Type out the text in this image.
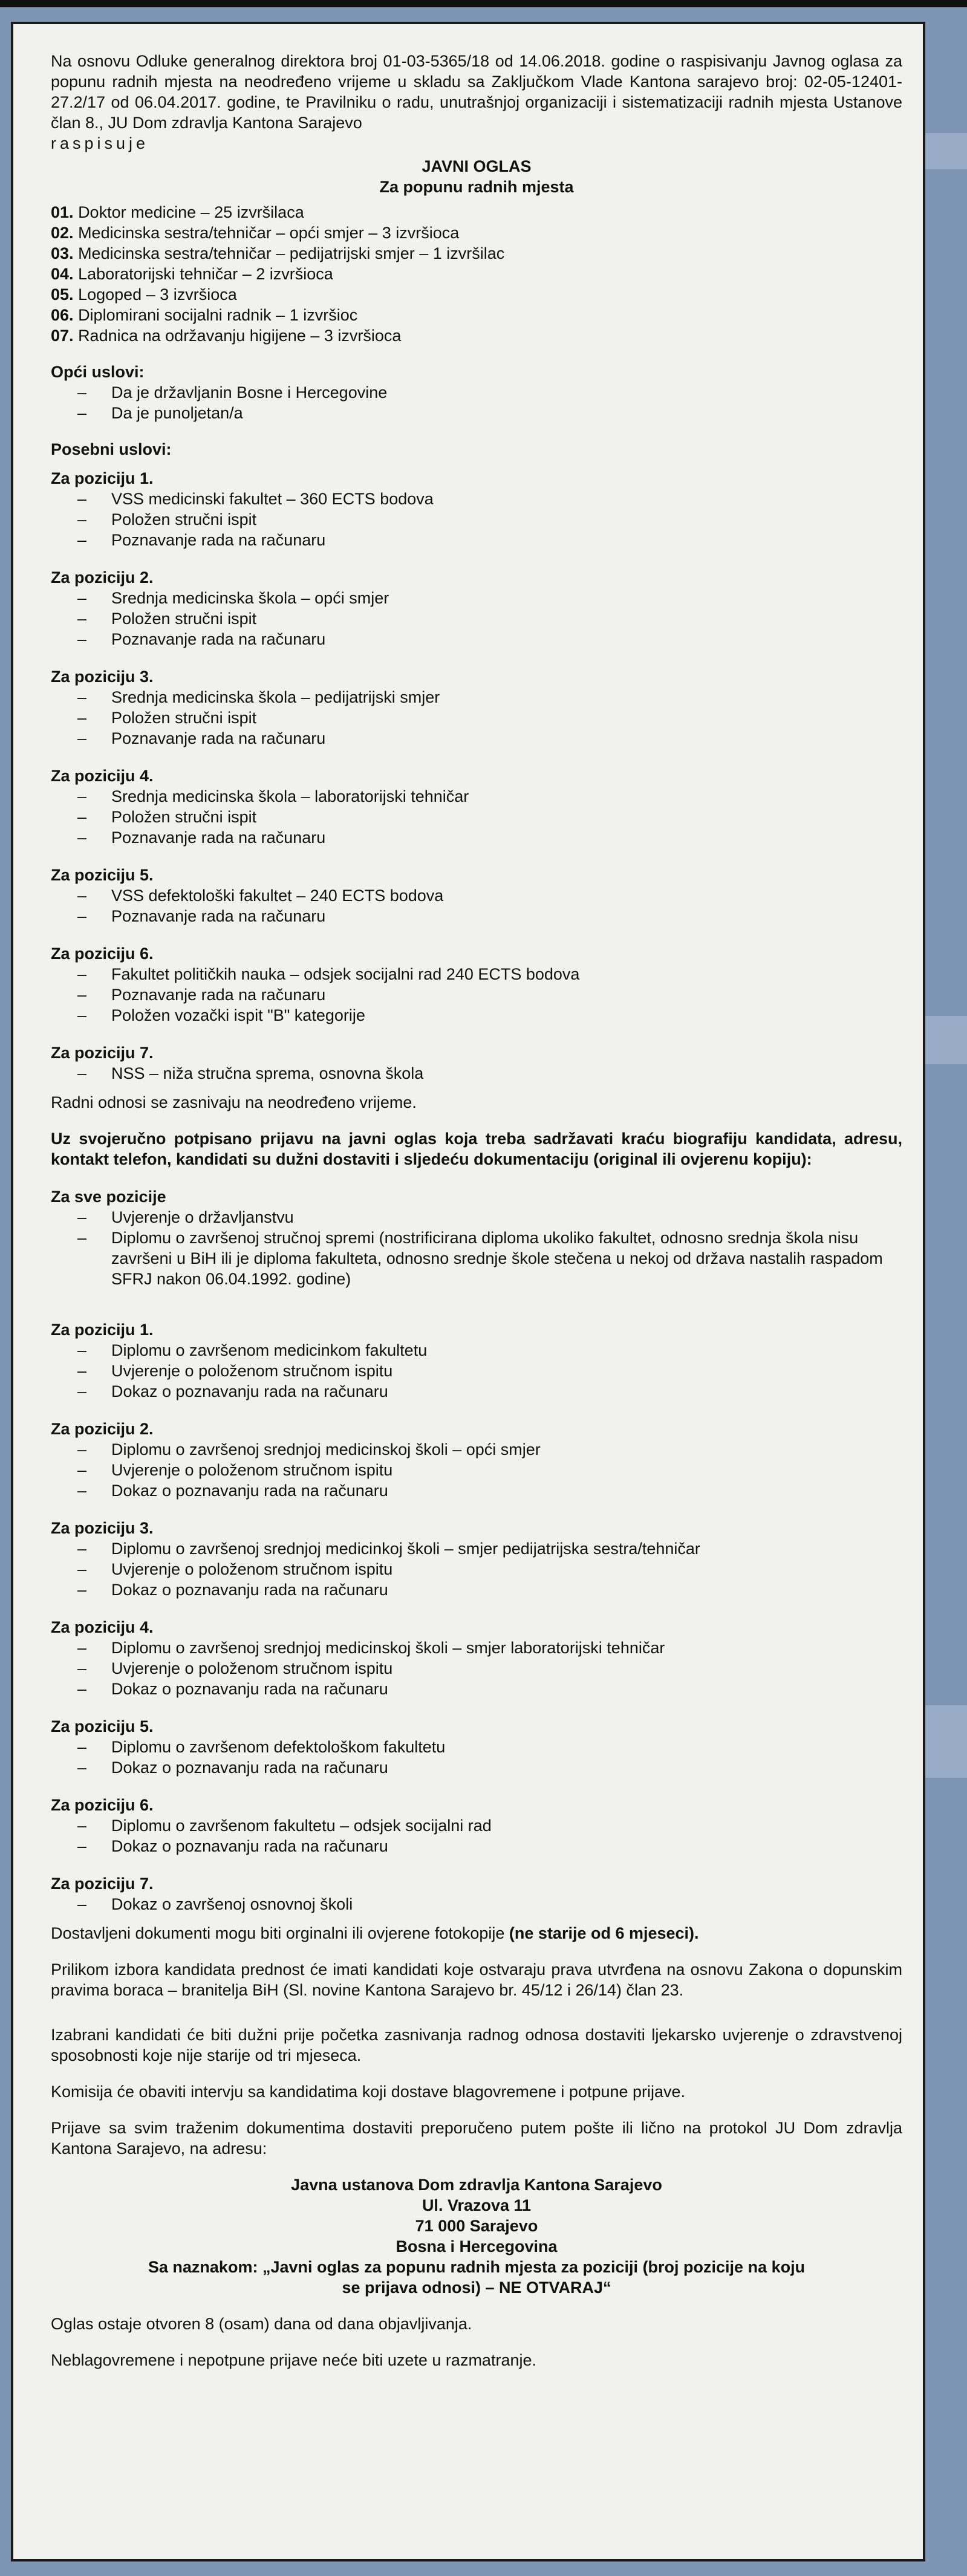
Na osnovu Odluke generalnog direktora broj 01-03-5365/18 od 14.06.2018. godine o raspisivanju Javnog oglasa za popunu radnih mjesta na neodređeno vrijeme u skladu sa Zaključkom Vlade Kantona sarajevo broj: 02-05-12401-27.2/17 od 06.04.2017. godine, te Pravilniku o radu, unutrašnjoj organizaciji i sistematizaciji radnih mjesta Ustanove član 8., JU Dom zdravlja Kantona Sarajevo
raspisuje

JAVNI OGLAS
Za popunu radnih mjesta
01. Doktor medicine – 25 izvršilaca
02. Medicinska sestra/tehničar – opći smjer – 3 izvršioca
03. Medicinska sestra/tehničar – pedijatrijski smjer – 1 izvršilac
04. Laboratorijski tehničar – 2 izvršioca
05. Logoped – 3 izvršioca
06. Diplomirani socijalni radnik – 1 izvršioc
07. Radnica na održavanju higijene – 3 izvršioca
Opći uslovi:
– Da je državljanin Bosne i Hercegovine
– Da je punoljetan/a
Posebni uslovi:
Za poziciju 1.
– VSS medicinski fakultet – 360 ECTS bodova
– Položen stručni ispit
– Poznavanje rada na računaru
Za poziciju 2.
– Srednja medicinska škola – opći smjer
– Položen stručni ispit
– Poznavanje rada na računaru
Za poziciju 3.
– Srednja medicinska škola – pedijatrijski smjer
– Položen stručni ispit
– Poznavanje rada na računaru
Za poziciju 4.
– Srednja medicinska škola – laboratorijski tehničar
– Položen stručni ispit
– Poznavanje rada na računaru
Za poziciju 5.
– VSS defektološki fakultet – 240 ECTS bodova
– Poznavanje rada na računaru
Za poziciju 6.
– Fakultet političkih nauka – odsjek socijalni rad 240 ECTS bodova
– Poznavanje rada na računaru
– Položen vozački ispit "B" kategorije
Za poziciju 7.
– NSS – niža stručna sprema, osnovna škola

Radni odnosi se zasnivaju na neodređeno vrijeme.

Uz svojeručno potpisano prijavu na javni oglas koja treba sadržavati kraću biografiju kandidata, adresu, kontakt telefon, kandidati su dužni dostaviti i sljedeću dokumentaciju (original ili ovjerenu kopiju):

Za sve pozicije
– Uvjerenje o državljanstvu
– Diplomu o završenoj stručnoj spremi (nostrificirana diploma ukoliko fakultet, odnosno srednja škola nisu završeni u BiH ili je diploma fakulteta, odnosno srednje škole stečena u nekoj od država nastalih raspadom SFRJ nakon 06.04.1992. godine)
Za poziciju 1.
– Diplomu o završenom medicinkom fakultetu
– Uvjerenje o položenom stručnom ispitu
– Dokaz o poznavanju rada na računaru
Za poziciju 2.
– Diplomu o završenoj srednjoj medicinskoj školi – opći smjer
– Uvjerenje o položenom stručnom ispitu
– Dokaz o poznavanju rada na računaru
Za poziciju 3.
– Diplomu o završenoj srednjoj medicinkoj školi – smjer pedijatrijska sestra/tehničar
– Uvjerenje o položenom stručnom ispitu
– Dokaz o poznavanju rada na računaru
Za poziciju 4.
– Diplomu o završenoj srednjoj medicinskoj školi – smjer laboratorijski tehničar
– Uvjerenje o položenom stručnom ispitu
– Dokaz o poznavanju rada na računaru
Za poziciju 5.
– Diplomu o završenom defektološkom fakultetu
– Dokaz o poznavanju rada na računaru
Za poziciju 6.
– Diplomu o završenom fakultetu – odsjek socijalni rad
– Dokaz o poznavanju rada na računaru
Za poziciju 7.
– Dokaz o završenoj osnovnoj školi

Dostavljeni dokumenti mogu biti orginalni ili ovjerene fotokopije (ne starije od 6 mjeseci).

Prilikom izbora kandidata prednost će imati kandidati koje ostvaraju prava utvrđena na osnovu Zakona o dopunskim pravima boraca – branitelja BiH (Sl. novine Kantona Sarajevo br. 45/12 i 26/14) član 23.

Izabrani kandidati će biti dužni prije početka zasnivanja radnog odnosa dostaviti ljekarsko uvjerenje o zdravstvenoj sposobnosti koje nije starije od tri mjeseca.

Komisija će obaviti intervju sa kandidatima koji dostave blagovremene i potpune prijave.

Prijave sa svim traženim dokumentima dostaviti preporučeno putem pošte ili lično na protokol JU Dom zdravlja Kantona Sarajevo, na adresu:

Javna ustanova Dom zdravlja Kantona Sarajevo
Ul. Vrazova 11
71 000 Sarajevo
Bosna i Hercegovina
Sa naznakom: „Javni oglas za popunu radnih mjesta za poziciji (broj pozicije na koju se prijava odnosi) – NE OTVARAJ“

Oglas ostaje otvoren 8 (osam) dana od dana objavljivanja.

Neblagovremene i nepotpune prijave neće biti uzete u razmatranje.
